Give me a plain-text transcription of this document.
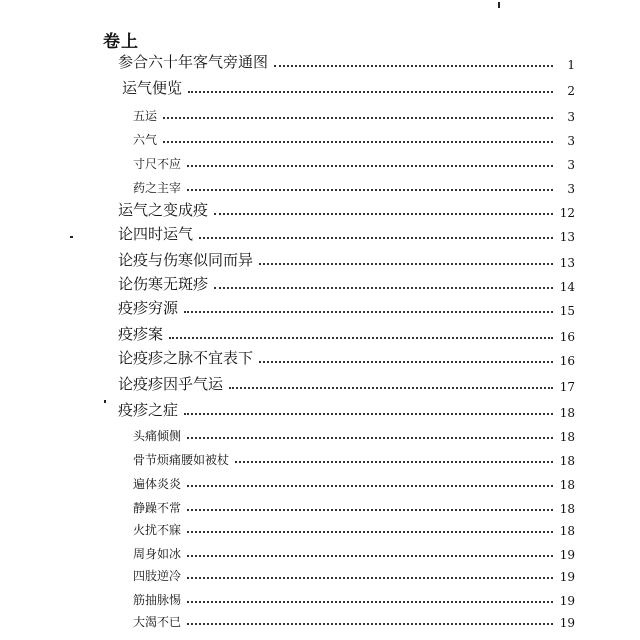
卷上
参合六十年客气旁通图	1
运气便览	2
五运	3
六气	3
寸尺不应	3
药之主宰	3
运气之变成疫	12
论四时运气	13
论疫与伤寒似同而异	13
论伤寒无斑疹	14
疫疹穷源	15
疫疹案	16
论疫疹之脉不宜表下	16
论疫疹因乎气运	17
疫疹之症	18
头痛倾侧	18
骨节烦痛腰如被杖	18
遍体炎炎	18
静躁不常	18
火扰不寐	18
周身如冰	19
四肢逆冷	19
筋抽脉惕	19
大渴不已	19
